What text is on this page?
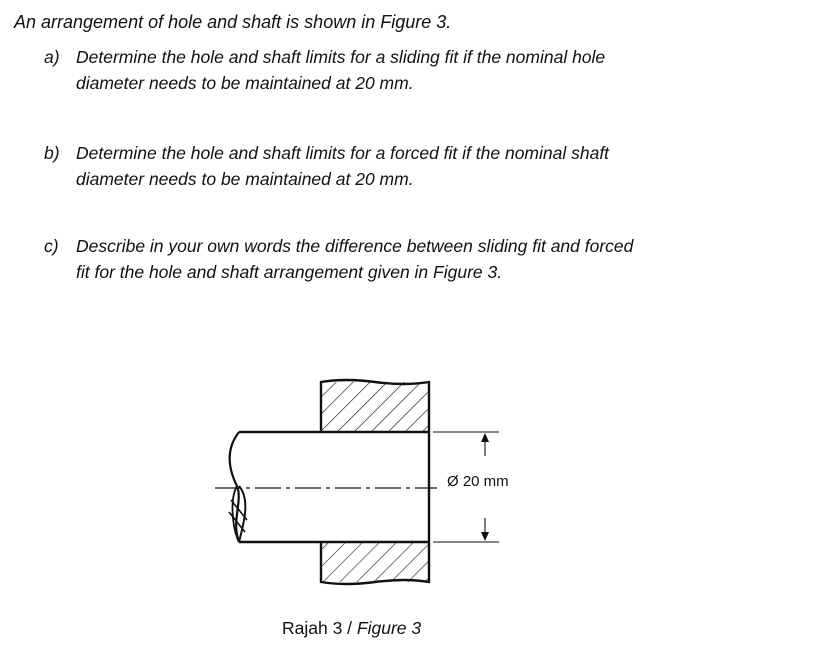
An arrangement of hole and shaft is shown in Figure 3.
a) Determine the hole and shaft limits for a sliding fit if the nominal hole
diameter needs to be maintained at 20 mm.
b) Determine the hole and shaft limits for a forced fit if the nominal shaft
diameter needs to be maintained at 20 mm.
c) Describe in your own words the difference between sliding fit and forced
fit for the hole and shaft arrangement given in Figure 3.
Ø 20 mm
Rajah 3 / Figure 3
